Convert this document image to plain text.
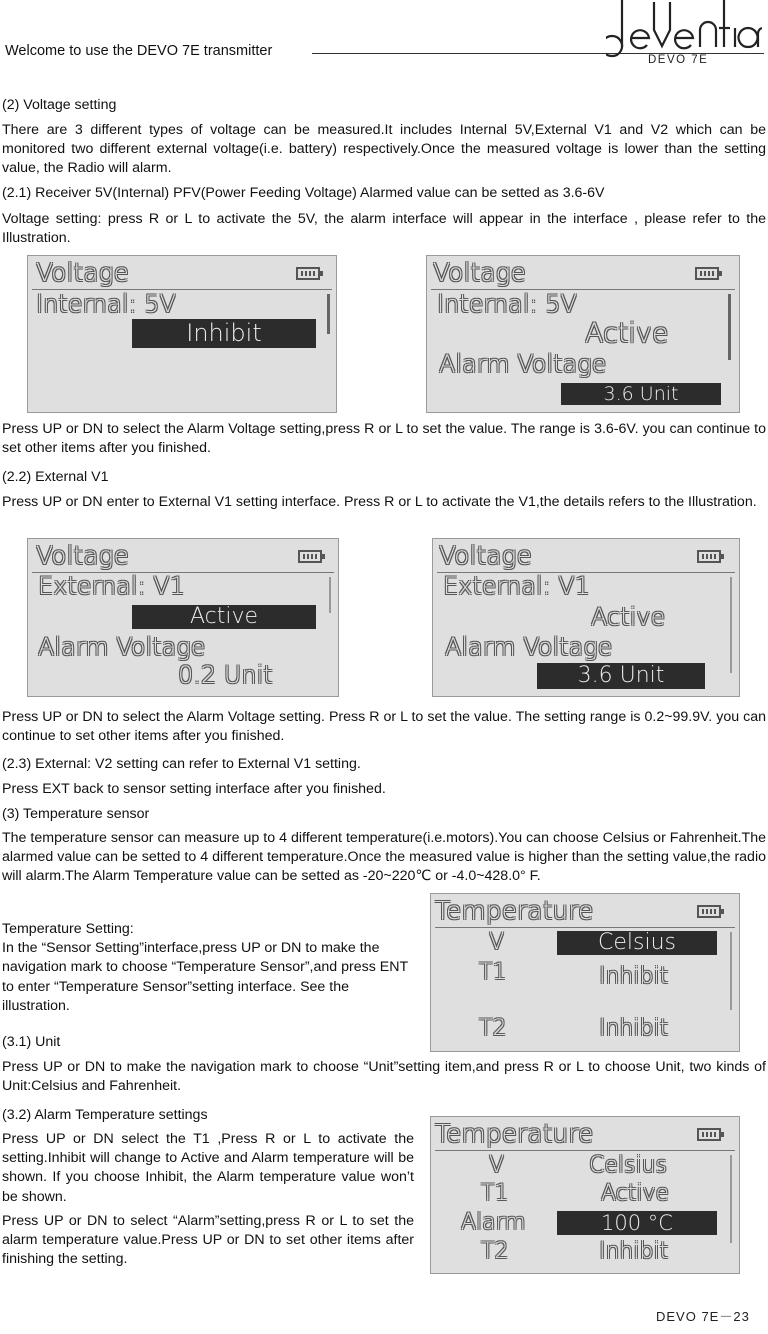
Welcome to use the DEVO 7E transmitter
DEVO 7E

(2) Voltage setting

There are 3 different types of voltage can be measured.It includes Internal 5V,External V1 and V2 which can be monitored two different external voltage(i.e. battery) respectively.Once the measured voltage is lower than the setting value, the Radio will alarm.

(2.1) Receiver 5V(Internal) PFV(Power Feeding Voltage) Alarmed value can be setted as 3.6-6V

Voltage setting: press R or L to activate the 5V, the alarm interface will appear in the interface , please refer to the Illustration.

Voltage
Internal: 5V
Inhibit
Voltage
Internal: 5V
Active
Alarm Voltage
3.6 Unit

Press UP or DN to select the Alarm Voltage setting,press R or L to set the value. The range is 3.6-6V. you can continue to set other items after you finished.

(2.2) External V1

Press UP or DN enter to External V1 setting interface. Press R or L to activate the V1,the details refers to the Illustration.

Voltage
External: V1
Active
Alarm Voltage
0.2 Unit
Voltage
External: V1
Active
Alarm Voltage
3.6 Unit

Press UP or DN to select the Alarm Voltage setting. Press R or L to set the value. The setting range is 0.2~99.9V. you can continue to set other items after you finished.

(2.3) External: V2 setting can refer to External V1 setting.

Press EXT back to sensor setting interface after you finished.

(3) Temperature sensor

The temperature sensor can measure up to 4 different temperature(i.e.motors).You can choose Celsius or Fahrenheit.The alarmed value can be setted to 4 different temperature.Once the measured value is higher than the setting value,the radio will alarm.The Alarm Temperature value can be setted as -20~220℃ or -4.0~428.0° F.

Temperature Setting:
In the “Sensor Setting”interface,press UP or DN to make the navigation mark to choose “Temperature Sensor”,and press ENT to enter “Temperature Sensor”setting interface. See the illustration.

Temperature
V	Celsius
T1	Inhibit
T2	Inhibit

(3.1) Unit

Press UP or DN to make the navigation mark to choose “Unit”setting item,and press R or L to choose Unit, two kinds of Unit:Celsius and Fahrenheit.

(3.2) Alarm Temperature settings

Press UP or DN select the T1 ,Press R or L to activate the setting.Inhibit will change to Active and Alarm temperature will be shown. If you choose Inhibit, the Alarm temperature value won’t be shown.

Press UP or DN to select “Alarm”setting,press R or L to set the alarm temperature value.Press UP or DN to set other items after finishing the setting.

Temperature
V	Celsius
T1	Active
Alarm	100 °C
T2	Inhibit
DEVO 7E－23
